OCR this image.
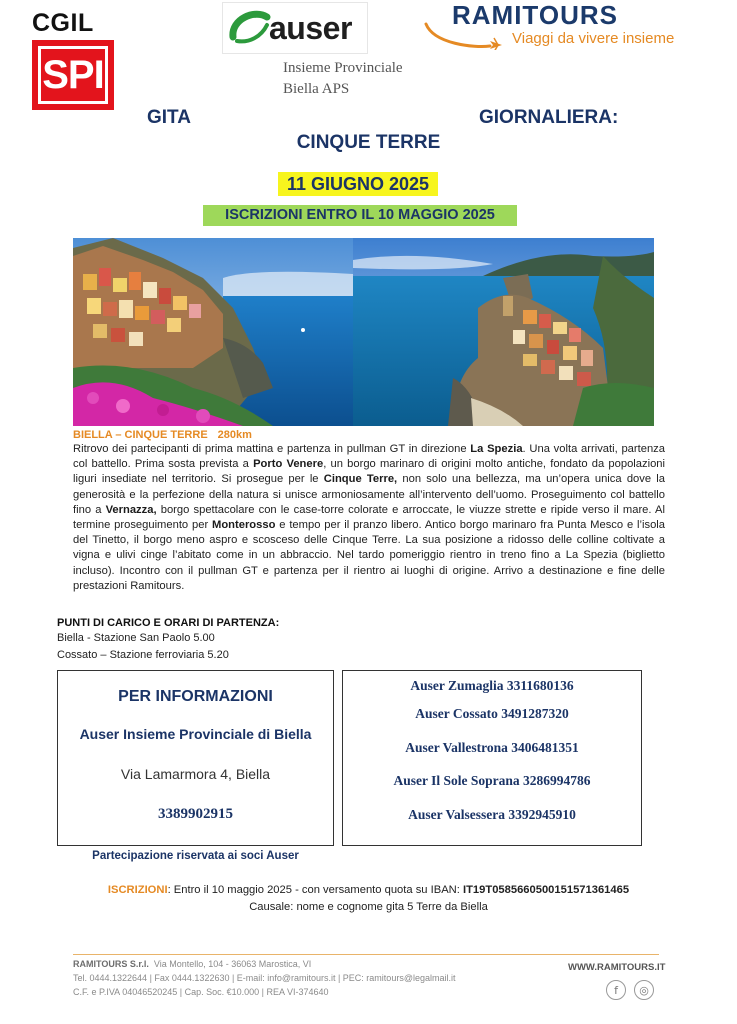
CGIL
SPI
auser
Insieme Provinciale
Biella APS
RAMITOURS
Viaggi da vivere insieme
GITA	GIORNALIERA:
CINQUE TERRE
11 GIUGNO 2025
ISCRIZIONI ENTRO IL 10 MAGGIO 2025
BIELLA – CINQUE TERRE 280km
Ritrovo dei partecipanti di prima mattina e partenza in pullman GT in direzione La Spezia. Una volta arrivati, partenza col battello. Prima sosta prevista a Porto Venere, un borgo marinaro di origini molto antiche, fondato da popolazioni liguri insediate nel territorio. Si prosegue per le Cinque Terre, non solo una bellezza, ma un’opera unica dove la generosità e la perfezione della natura si unisce armoniosamente all’intervento dell’uomo. Proseguimento col battello fino a Vernazza, borgo spettacolare con le case-torre colorate e arroccate, le viuzze strette e ripide verso il mare. Al termine proseguimento per Monterosso e tempo per il pranzo libero. Antico borgo marinaro fra Punta Mesco e l’isola del Tinetto, il borgo meno aspro e scosceso delle Cinque Terre. La sua posizione a ridosso delle colline coltivate a vigna e ulivi cinge l’abitato come in un abbraccio. Nel tardo pomeriggio rientro in treno fino a La Spezia (biglietto incluso). Incontro con il pullman GT e partenza per il rientro ai luoghi di origine. Arrivo a destinazione e fine delle prestazioni Ramitours.
PUNTI DI CARICO E ORARI DI PARTENZA:
Biella - Stazione San Paolo 5.00
Cossato – Stazione ferroviaria 5.20
PER INFORMAZIONI
Auser Insieme Provinciale di Biella
Via Lamarmora 4, Biella
3389902915
Auser Zumaglia 3311680136
Auser Cossato 3491287320
Auser Vallestrona 3406481351
Auser Il Sole Soprana 3286994786
Auser Valsessera 3392945910
Partecipazione riservata ai soci Auser
ISCRIZIONI: Entro il 10 maggio 2025 - con versamento quota su IBAN: IT19T0585660500151571361465
Causale: nome e cognome gita 5 Terre da Biella
RAMITOURS S.r.l. Via Montello, 104 - 36063 Marostica, VI
Tel. 0444.1322644 | Fax 0444.1322630 | E-mail: info@ramitours.it | PEC: ramitours@legalmail.it
C.F. e P.IVA 04046520245 | Cap. Soc. €10.000 | REA VI-374640
WWW.RAMITOURS.IT
f	◎
